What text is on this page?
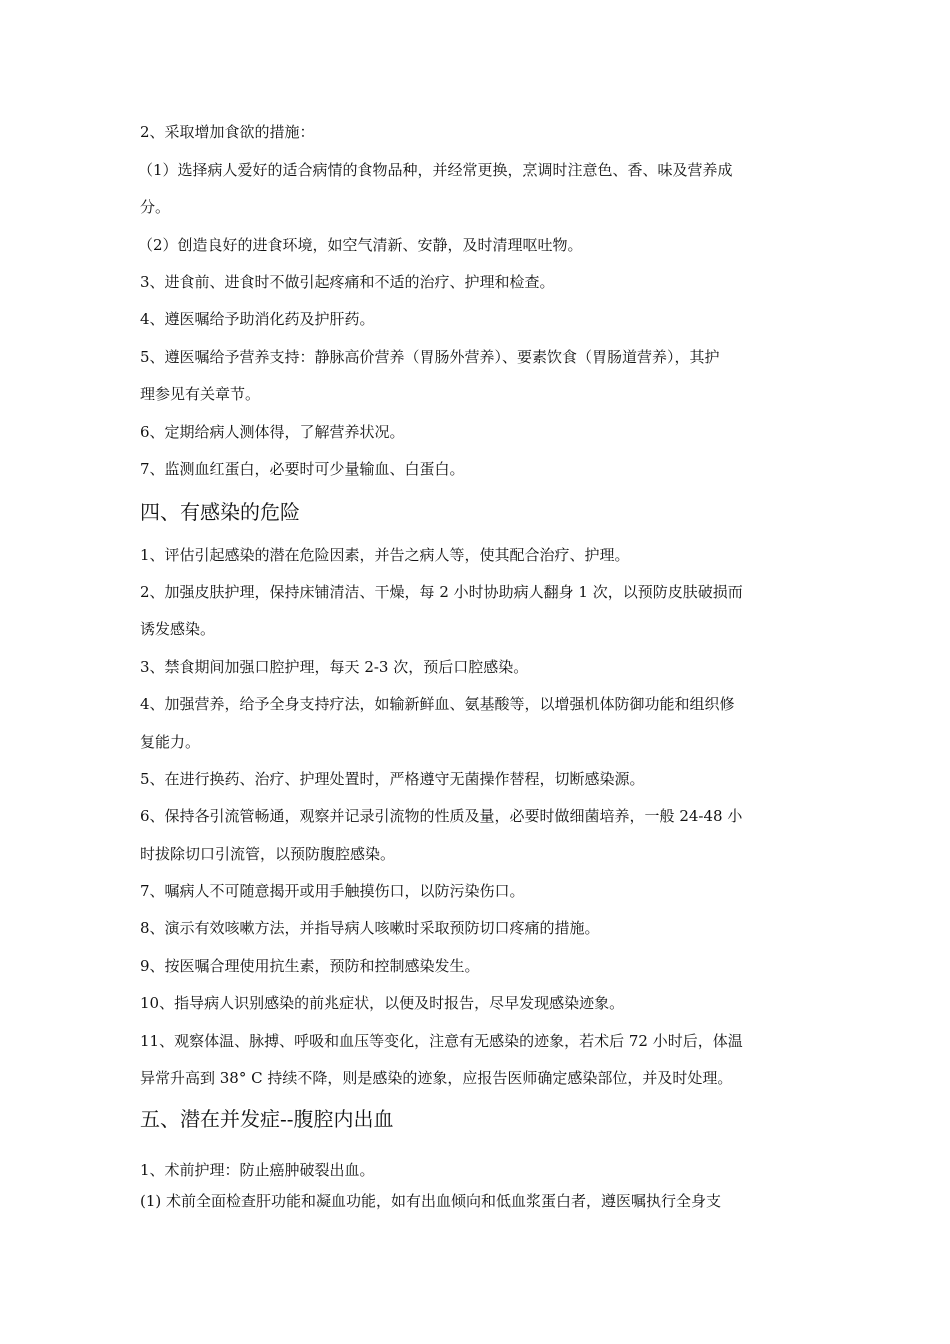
2、采取增加食欲的措施：
（1）选择病人爱好的适合病情的食物品种，并经常更换，烹调时注意色、香、味及营养成
分。
（2）创造良好的进食环境，如空气清新、安静，及时清理呕吐物。
3、进食前、进食时不做引起疼痛和不适的治疗、护理和检查。
4、遵医嘱给予助消化药及护肝药。
5、遵医嘱给予营养支持：静脉高价营养（胃肠外营养）、要素饮食（胃肠道营养），其护
理参见有关章节。
6、定期给病人测体得，了解营养状况。
7、监测血红蛋白，必要时可少量输血、白蛋白。
四、有感染的危险
1、评估引起感染的潜在危险因素，并告之病人等，使其配合治疗、护理。
2、加强皮肤护理，保持床铺清洁、干燥，每 2 小时协助病人翻身 1 次，以预防皮肤破损而
诱发感染。
3、禁食期间加强口腔护理，每天 2-3 次，预后口腔感染。
4、加强营养，给予全身支持疗法，如输新鲜血、氨基酸等，以增强机体防御功能和组织修
复能力。
5、在进行换药、治疗、护理处置时，严格遵守无菌操作替程，切断感染源。
6、保持各引流管畅通，观察并记录引流物的性质及量，必要时做细菌培养，一般 24-48 小
时拔除切口引流管，以预防腹腔感染。
7、嘱病人不可随意揭开或用手触摸伤口，以防污染伤口。
8、演示有效咳嗽方法，并指导病人咳嗽时采取预防切口疼痛的措施。
9、按医嘱合理使用抗生素，预防和控制感染发生。
10、指导病人识别感染的前兆症状，以便及时报告，尽早发现感染迹象。
11、观察体温、脉搏、呼吸和血压等变化，注意有无感染的迹象，若术后 72 小时后，体温
异常升高到 38° C 持续不降，则是感染的迹象，应报告医师确定感染部位，并及时处理。
五、潜在并发症--腹腔内出血
1、术前护理：防止癌肿破裂出血。
(1) 术前全面检查肝功能和凝血功能，如有出血倾向和低血浆蛋白者，遵医嘱执行全身支
